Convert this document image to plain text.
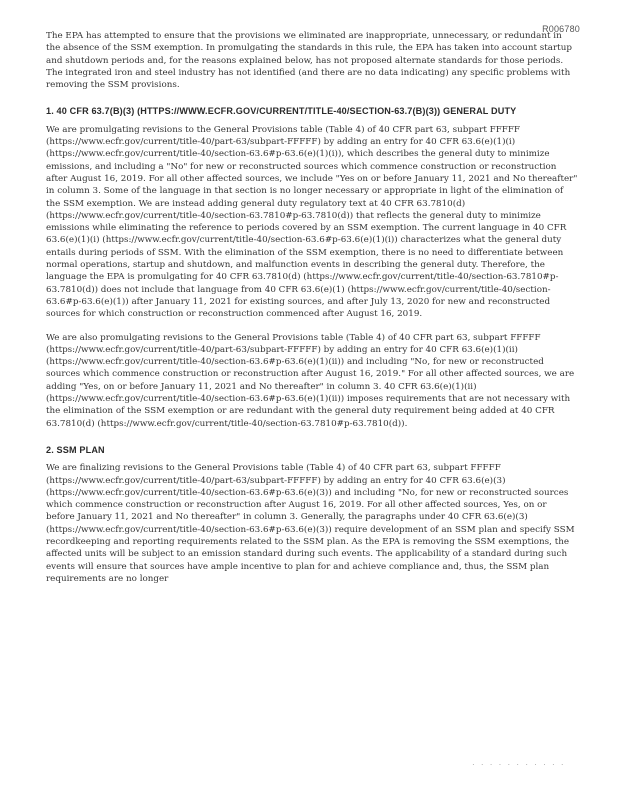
R006780

The EPA has attempted to ensure that the provisions we eliminated are inappropriate, unnecessary, or redundant in the absence of the SSM exemption. In promulgating the standards in this rule, the EPA has taken into account startup and shutdown periods and, for the reasons explained below, has not proposed alternate standards for those periods. The integrated iron and steel industry has not identified (and there are no data indicating) any specific problems with removing the SSM provisions.

1. 40 CFR 63.7(B)(3) (HTTPS://WWW.ECFR.GOV/CURRENT/TITLE-40/SECTION-63.7(B)(3)) GENERAL DUTY

We are promulgating revisions to the General Provisions table (Table 4) of 40 CFR part 63, subpart FFFFF (https://www.ecfr.gov/current/title-40/part-63/subpart-FFFFF) by adding an entry for 40 CFR 63.6(e)(1)(i) (https://www.ecfr.gov/current/title-40/section-63.6#p-63.6(e)(1)(i)), which describes the general duty to minimize emissions, and including a "No" for new or reconstructed sources which commence construction or reconstruction after August 16, 2019. For all other affected sources, we include "Yes on or before January 11, 2021 and No thereafter" in column 3. Some of the language in that section is no longer necessary or appropriate in light of the elimination of the SSM exemption. We are instead adding general duty regulatory text at 40 CFR 63.7810(d) (https://www.ecfr.gov/current/title-40/section-63.7810#p-63.7810(d)) that reflects the general duty to minimize emissions while eliminating the reference to periods covered by an SSM exemption. The current language in 40 CFR 63.6(e)(1)(i) (https://www.ecfr.gov/current/title-40/section-63.6#p-63.6(e)(1)(i)) characterizes what the general duty entails during periods of SSM. With the elimination of the SSM exemption, there is no need to differentiate between normal operations, startup and shutdown, and malfunction events in describing the general duty. Therefore, the language the EPA is promulgating for 40 CFR 63.7810(d) (https://www.ecfr.gov/current/title-40/section-63.7810#p-63.7810(d)) does not include that language from 40 CFR 63.6(e)(1) (https://www.ecfr.gov/current/title-40/section-63.6#p-63.6(e)(1)) after January 11, 2021 for existing sources, and after July 13, 2020 for new and reconstructed sources for which construction or reconstruction commenced after August 16, 2019.

We are also promulgating revisions to the General Provisions table (Table 4) of 40 CFR part 63, subpart FFFFF (https://www.ecfr.gov/current/title-40/part-63/subpart-FFFFF) by adding an entry for 40 CFR 63.6(e)(1)(ii) (https://www.ecfr.gov/current/title-40/section-63.6#p-63.6(e)(1)(ii)) and including "No, for new or reconstructed sources which commence construction or reconstruction after August 16, 2019." For all other affected sources, we are adding "Yes, on or before January 11, 2021 and No thereafter" in column 3. 40 CFR 63.6(e)(1)(ii) (https://www.ecfr.gov/current/title-40/section-63.6#p-63.6(e)(1)(ii)) imposes requirements that are not necessary with the elimination of the SSM exemption or are redundant with the general duty requirement being added at 40 CFR 63.7810(d) (https://www.ecfr.gov/current/title-40/section-63.7810#p-63.7810(d)).

2. SSM PLAN

We are finalizing revisions to the General Provisions table (Table 4) of 40 CFR part 63, subpart FFFFF (https://www.ecfr.gov/current/title-40/part-63/subpart-FFFFF) by adding an entry for 40 CFR 63.6(e)(3) (https://www.ecfr.gov/current/title-40/section-63.6#p-63.6(e)(3)) and including "No, for new or reconstructed sources which commence construction or reconstruction after August 16, 2019. For all other affected sources, Yes, on or before January 11, 2021 and No thereafter" in column 3. Generally, the paragraphs under 40 CFR 63.6(e)(3) (https://www.ecfr.gov/current/title-40/section-63.6#p-63.6(e)(3)) require development of an SSM plan and specify SSM recordkeeping and reporting requirements related to the SSM plan. As the EPA is removing the SSM exemptions, the affected units will be subject to an emission standard during such events. The applicability of a standard during such events will ensure that sources have ample incentive to plan for and achieve compliance and, thus, the SSM plan requirements are no longer

· · · · · · · · · · ·
